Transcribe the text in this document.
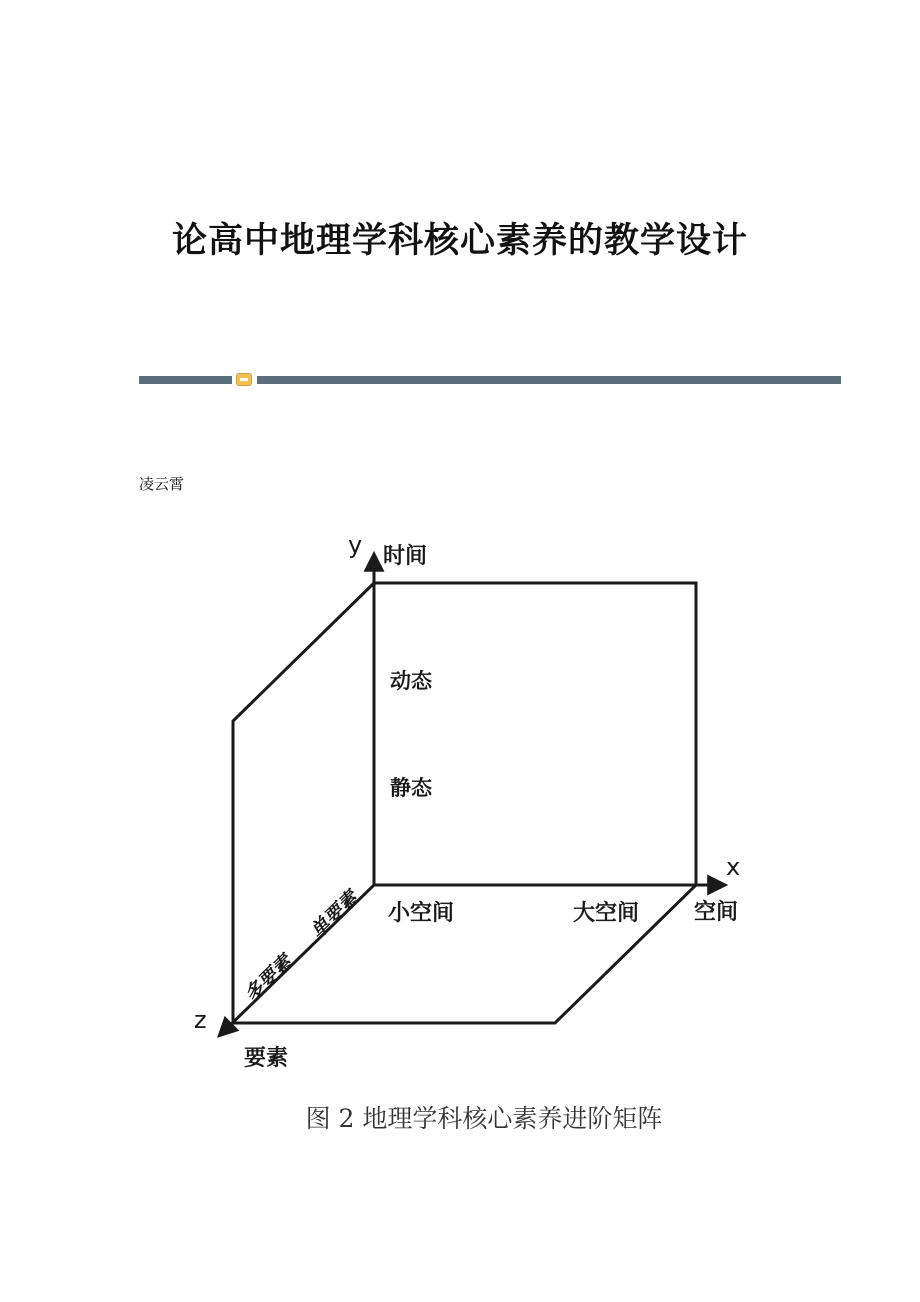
论高中地理学科核心素养的教学设计
凌云霄
y 时间
x
空间
z
要素
动态
静态
小空间	大空间
单要素
多要素
图 2 地理学科核心素养进阶矩阵
